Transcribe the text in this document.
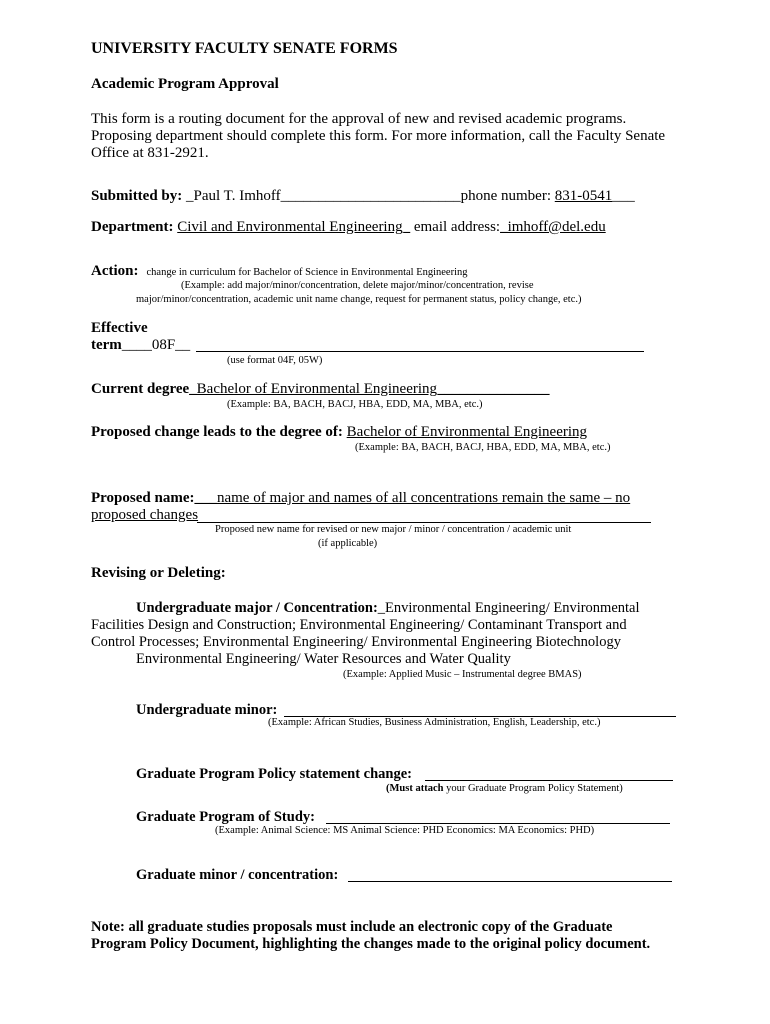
UNIVERSITY FACULTY SENATE FORMS
Academic Program Approval
This form is a routing document for the approval of new and revised academic programs.
Proposing department should complete this form. For more information, call the Faculty Senate
Office at 831-2921.
Submitted by: _Paul T. Imhoff________________________phone number: 831-0541___
Department: Civil and Environmental Engineering_ email address:_imhoff@del.edu
Action: change in curriculum for Bachelor of Science in Environmental Engineering
(Example: add major/minor/concentration, delete major/minor/concentration, revise
major/minor/concentration, academic unit name change, request for permanent status, policy change, etc.)
Effective
term____08F__
(use format 04F, 05W)
Current degree_Bachelor of Environmental Engineering_______________
(Example: BA, BACH, BACJ, HBA, EDD, MA, MBA, etc.)
Proposed change leads to the degree of: Bachelor of Environmental Engineering
(Example: BA, BACH, BACJ, HBA, EDD, MA, MBA, etc.)
Proposed name:___name of major and names of all concentrations remain the same – no
proposed changes
Proposed new name for revised or new major / minor / concentration / academic unit
(if applicable)
Revising or Deleting:
Undergraduate major / Concentration:_Environmental Engineering/ Environmental
Facilities Design and Construction; Environmental Engineering/ Contaminant Transport and
Control Processes; Environmental Engineering/ Environmental Engineering Biotechnology
Environmental Engineering/ Water Resources and Water Quality
(Example: Applied Music – Instrumental degree BMAS)
Undergraduate minor:
(Example: African Studies, Business Administration, English, Leadership, etc.)
Graduate Program Policy statement change:
(Must attach your Graduate Program Policy Statement)
Graduate Program of Study:
(Example: Animal Science: MS Animal Science: PHD Economics: MA Economics: PHD)
Graduate minor / concentration:
Note: all graduate studies proposals must include an electronic copy of the Graduate
Program Policy Document, highlighting the changes made to the original policy document.
